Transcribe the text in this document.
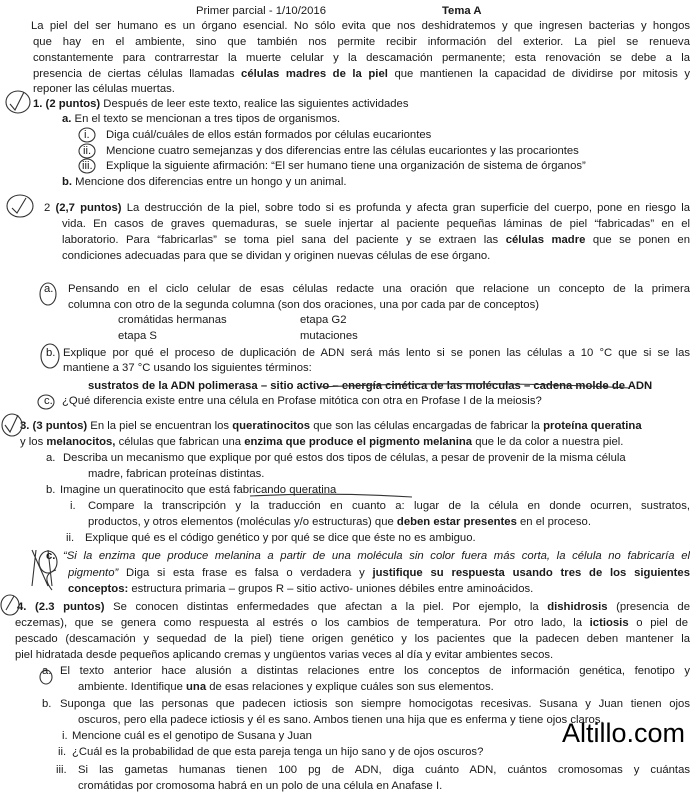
Primer parcial - 1/10/2016	Tema A
La piel del ser humano es un órgano esencial. No sólo evita que nos deshidratemos y que ingresen bacterias y hongos
que hay en el ambiente, sino que también nos permite recibir información del exterior. La piel se renueva
constantemente para contrarrestar la muerte celular y la descamación permanente; esta renovación se debe a la
presencia de ciertas células llamadas células madres de la piel que mantienen la capacidad de dividirse por mitosis y
reponer las células muertas.
1. (2 puntos) Después de leer este texto, realice las siguientes actividades
a. En el texto se mencionan a tres tipos de organismos.
i. Diga cuál/cuáles de ellos están formados por células eucariontes
ii. Mencione cuatro semejanzas y dos diferencias entre las células eucariontes y las procariontes
iii. Explique la siguiente afirmación: “El ser humano tiene una organización de sistema de órganos”
b. Mencione dos diferencias entre un hongo y un animal.
2 (2,7 puntos) La destrucción de la piel, sobre todo si es profunda y afecta gran superficie del cuerpo, pone en riesgo la
vida. En casos de graves quemaduras, se suele injertar al paciente pequeñas láminas de piel “fabricadas” en el
laboratorio. Para “fabricarlas” se toma piel sana del paciente y se extraen las células madre que se ponen en
condiciones adecuadas para que se dividan y originen nuevas células de ese órgano.
a. Pensando en el ciclo celular de esas células redacte una oración que relacione un concepto de la primera
columna con otro de la segunda columna (son dos oraciones, una por cada par de conceptos)
cromátidas hermanas	etapa G2
etapa S	mutaciones
b. Explique por qué el proceso de duplicación de ADN será más lento si se ponen las células a 10 °C que si se las
mantiene a 37 °C usando los siguientes términos:
sustratos de la ADN polimerasa – sitio activo – energía cinética de las moléculas – cadena molde de ADN
c. ¿Qué diferencia existe entre una célula en Profase mitótica con otra en Profase I de la meiosis?
3. (3 puntos) En la piel se encuentran los queratinocitos que son las células encargadas de fabricar la proteína queratina
y los melanocitos, células que fabrican una enzima que produce el pigmento melanina que le da color a nuestra piel.
a. Describa un mecanismo que explique por qué estos dos tipos de células, a pesar de provenir de la misma célula
madre, fabrican proteínas distintas.
b. Imagine un queratinocito que está fabricando queratina
i. Compare la transcripción y la traducción en cuanto a: lugar de la célula en donde ocurren, sustratos,
productos, y otros elementos (moléculas y/o estructuras) que deben estar presentes en el proceso.
ii. Explique qué es el código genético y por qué se dice que éste no es ambiguo.
c. “Si la enzima que produce melanina a partir de una molécula sin color fuera más corta, la célula no fabricaría el
pigmento” Diga si esta frase es falsa o verdadera y justifique su respuesta usando tres de los siguientes
conceptos: estructura primaria – grupos R – sitio activo- uniones débiles entre aminoácidos.
4. (2.3 puntos) Se conocen distintas enfermedades que afectan a la piel. Por ejemplo, la dishidrosis (presencia de
eczemas), que se genera como respuesta al estrés o los cambios de temperatura. Por otro lado, la ictiosis o piel de
pescado (descamación y sequedad de la piel) tiene origen genético y los pacientes que la padecen deben mantener la
piel hidratada desde pequeños aplicando cremas y ungüentos varias veces al día y evitar ambientes secos.
a. El texto anterior hace alusión a distintas relaciones entre los conceptos de información genética, fenotipo y
ambiente. Identifique una de esas relaciones y explique cuáles son sus elementos.
b. Suponga que las personas que padecen ictiosis son siempre homocigotas recesivas. Susana y Juan tienen ojos
oscuros, pero ella padece ictiosis y él es sano. Ambos tienen una hija que es enferma y tiene ojos claros.
i. Mencione cuál es el genotipo de Susana y Juan
ii. ¿Cuál es la probabilidad de que esta pareja tenga un hijo sano y de ojos oscuros?
iii. Si las gametas humanas tienen 100 pg de ADN, diga cuánto ADN, cuántos cromosomas y cuántas
cromátidas por cromosoma habrá en un polo de una célula en Anafase I.
Altillo.com
